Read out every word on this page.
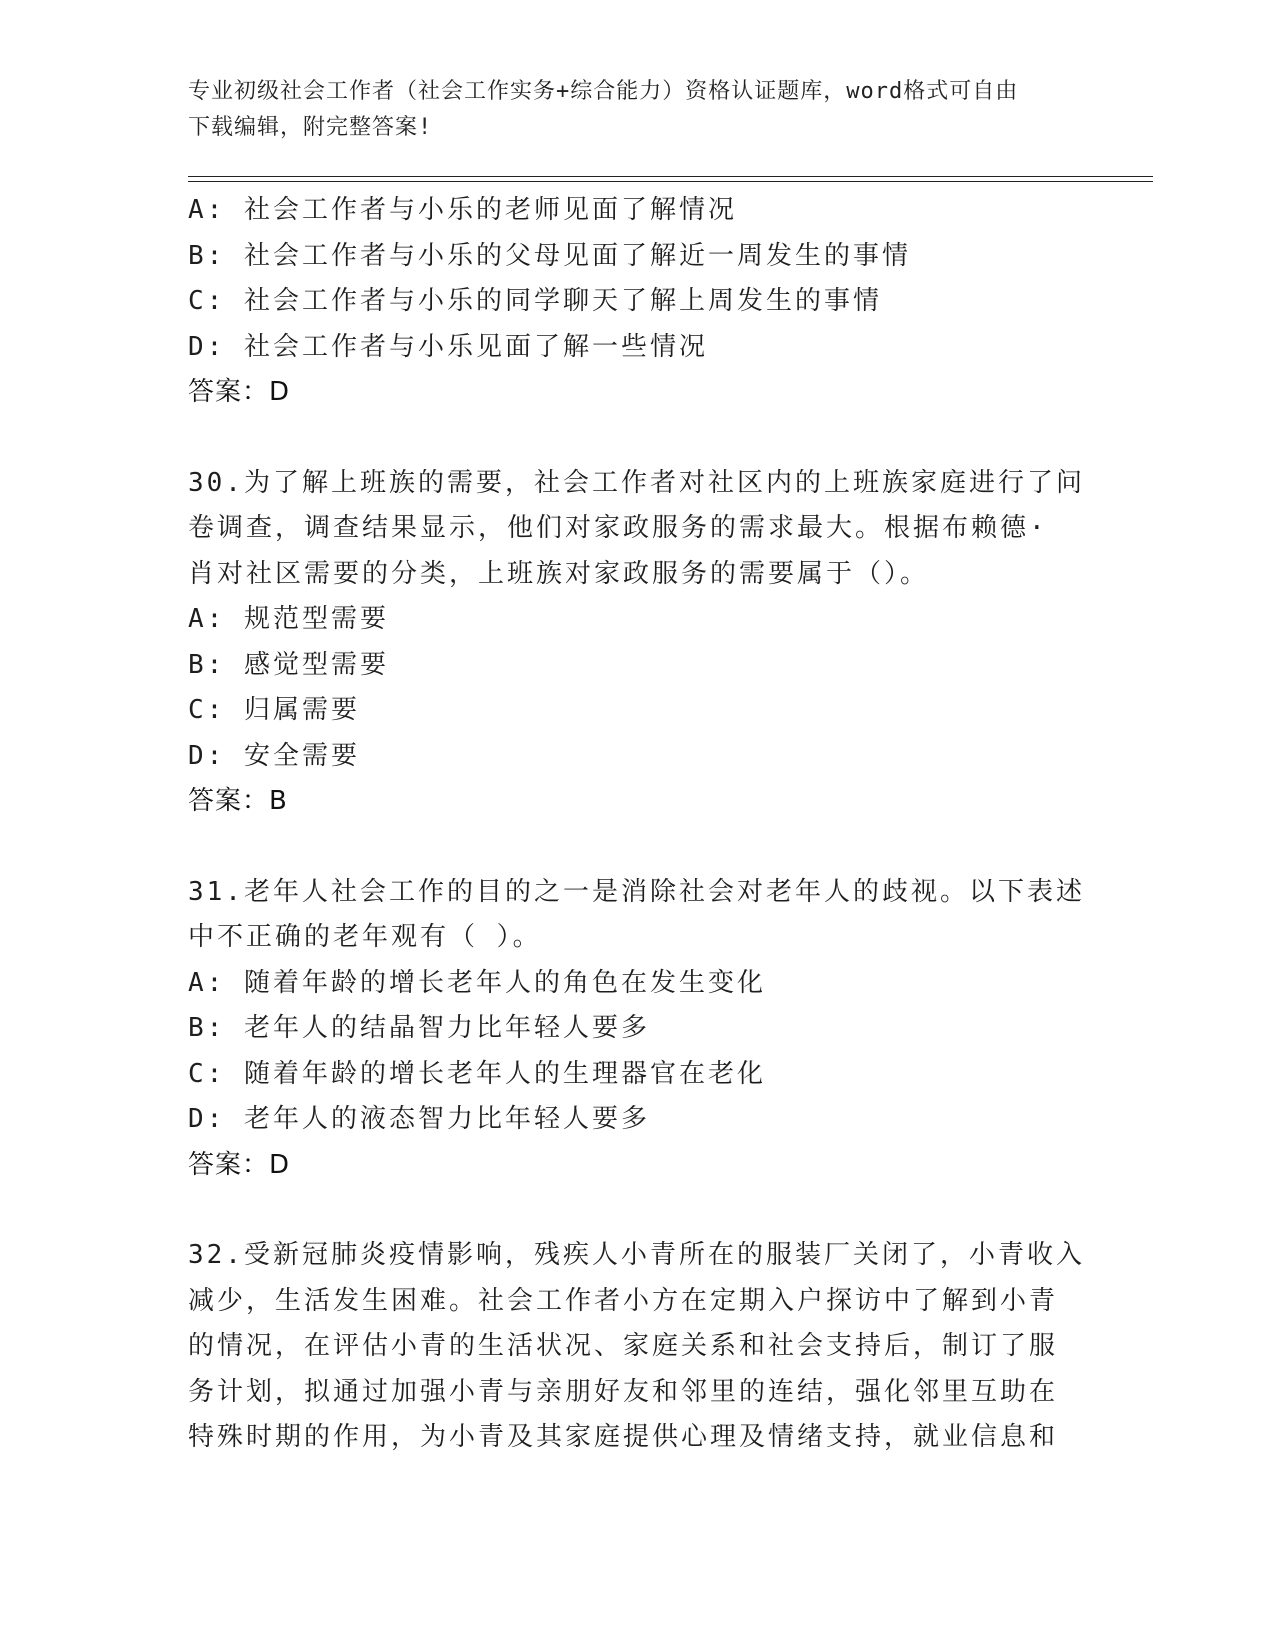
专业初级社会工作者（社会工作实务+综合能力）资格认证题库，word格式可自由
下载编辑，附完整答案!
A: 社会工作者与小乐的老师见面了解情况
B: 社会工作者与小乐的父母见面了解近一周发生的事情
C: 社会工作者与小乐的同学聊天了解上周发生的事情
D: 社会工作者与小乐见面了解一些情况
答案：D
30.为了解上班族的需要，社会工作者对社区内的上班族家庭进行了问
卷调查，调查结果显示，他们对家政服务的需求最大。根据布赖德·
肖对社区需要的分类，上班族对家政服务的需要属于（）。
A: 规范型需要
B: 感觉型需要
C: 归属需要
D: 安全需要
答案：B
31.老年人社会工作的目的之一是消除社会对老年人的歧视。以下表述
中不正确的老年观有（ ）。
A: 随着年龄的增长老年人的角色在发生变化
B: 老年人的结晶智力比年轻人要多
C: 随着年龄的增长老年人的生理器官在老化
D: 老年人的液态智力比年轻人要多
答案：D
32.受新冠肺炎疫情影响，残疾人小青所在的服装厂关闭了，小青收入
减少，生活发生困难。社会工作者小方在定期入户探访中了解到小青
的情况，在评估小青的生活状况、家庭关系和社会支持后，制订了服
务计划，拟通过加强小青与亲朋好友和邻里的连结，强化邻里互助在
特殊时期的作用，为小青及其家庭提供心理及情绪支持，就业信息和
